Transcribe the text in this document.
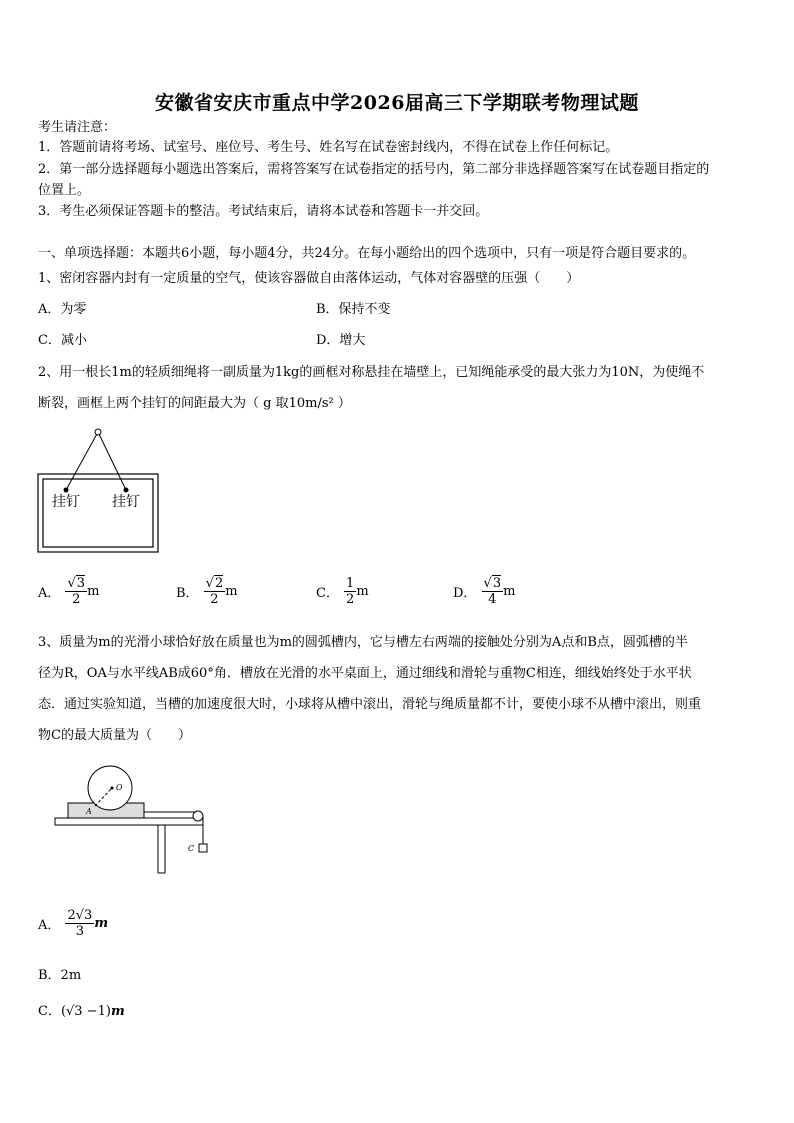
安徽省安庆市重点中学2026届高三下学期联考物理试题
考生请注意：
1．答题前请将考场、试室号、座位号、考生号、姓名写在试卷密封线内，不得在试卷上作任何标记。
2．第一部分选择题每小题选出答案后，需将答案写在试卷指定的括号内，第二部分非选择题答案写在试卷题目指定的
位置上。
3．考生必须保证答题卡的整洁。考试结束后，请将本试卷和答题卡一并交回。
一、单项选择题：本题共6小题，每小题4分，共24分。在每小题给出的四个选项中，只有一项是符合题目要求的。
1、密闭容器内封有一定质量的空气，使该容器做自由落体运动，气体对容器壁的压强（　　）
A．为零	B．保持不变
C．减小	D．增大
2、用一根长1m的轻质细绳将一副质量为1kg的画框对称悬挂在墙壁上，已知绳能承受的最大张力为10N，为使绳不
断裂，画框上两个挂钉的间距最大为（ g 取10m/s² ）
挂钉 挂钉
A． $\frac{√3}{2}$ m	B． $\frac{√2}{2}$ m	C． $\frac{1}{2}$ m	D． $\frac{√3}{4}$ m
3、质量为m的光滑小球恰好放在质量也为m的圆弧槽内，它与槽左右两端的接触处分别为A点和B点，圆弧槽的半
径为R，OA与水平线AB成60°角．槽放在光滑的水平桌面上，通过细线和滑轮与重物C相连，细线始终处于水平状
态．通过实验知道，当槽的加速度很大时，小球将从槽中滚出，滑轮与绳质量都不计，要使小球不从槽中滚出，则重
物C的最大质量为（　　）
O
A
C
A． $\frac{2√3}{3}$ m
B．2m
C．(√3 −1)m
